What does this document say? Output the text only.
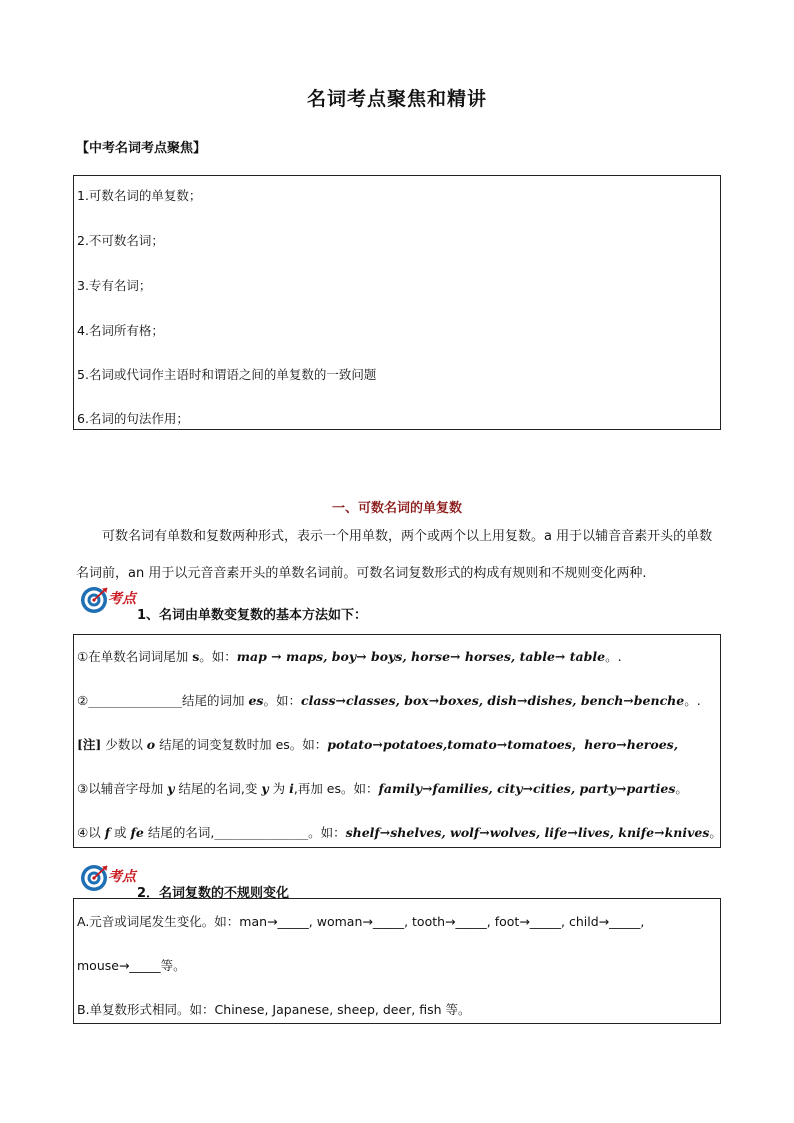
名词考点聚焦和精讲
【中考名词考点聚焦】
1.可数名词的单复数；
2.不可数名词；
3.专有名词；
4.名词所有格；
5.名词或代词作主语时和谓语之间的单复数的一致问题
6.名词的句法作用；
一、可数名词的单复数
可数名词有单数和复数两种形式，表示一个用单数，两个或两个以上用复数。a 用于以辅音音素开头的单数名词前，an 用于以元音音素开头的单数名词前。可数名词复数形式的构成有规则和不规则变化两种.
考点
1、名词由单数变复数的基本方法如下：
①在单数名词词尾加 s。如：map → maps, boy→ boys, horse→ horses, table→ table。.
②_______________结尾的词加 es。如：class→classes, box→boxes, dish→dishes, bench→benche。.
[注] 少数以 o 结尾的词变复数时加 es。如：potato→potatoes,tomato→tomatoes，hero→heroes,
③以辅音字母加 y 结尾的名词,变 y 为 i,再加 es。如：family→families, city→cities, party→parties。
④以 f 或 fe 结尾的名词,_______________。如：shelf→shelves, wolf→wolves, life→lives, knife→knives。
考点
2．名词复数的不规则变化
A.元音或词尾发生变化。如：man→_____, woman→_____, tooth→_____, foot→_____, child→_____,
mouse→_____等。
B.单复数形式相同。如：Chinese, Japanese, sheep, deer, fish 等。
